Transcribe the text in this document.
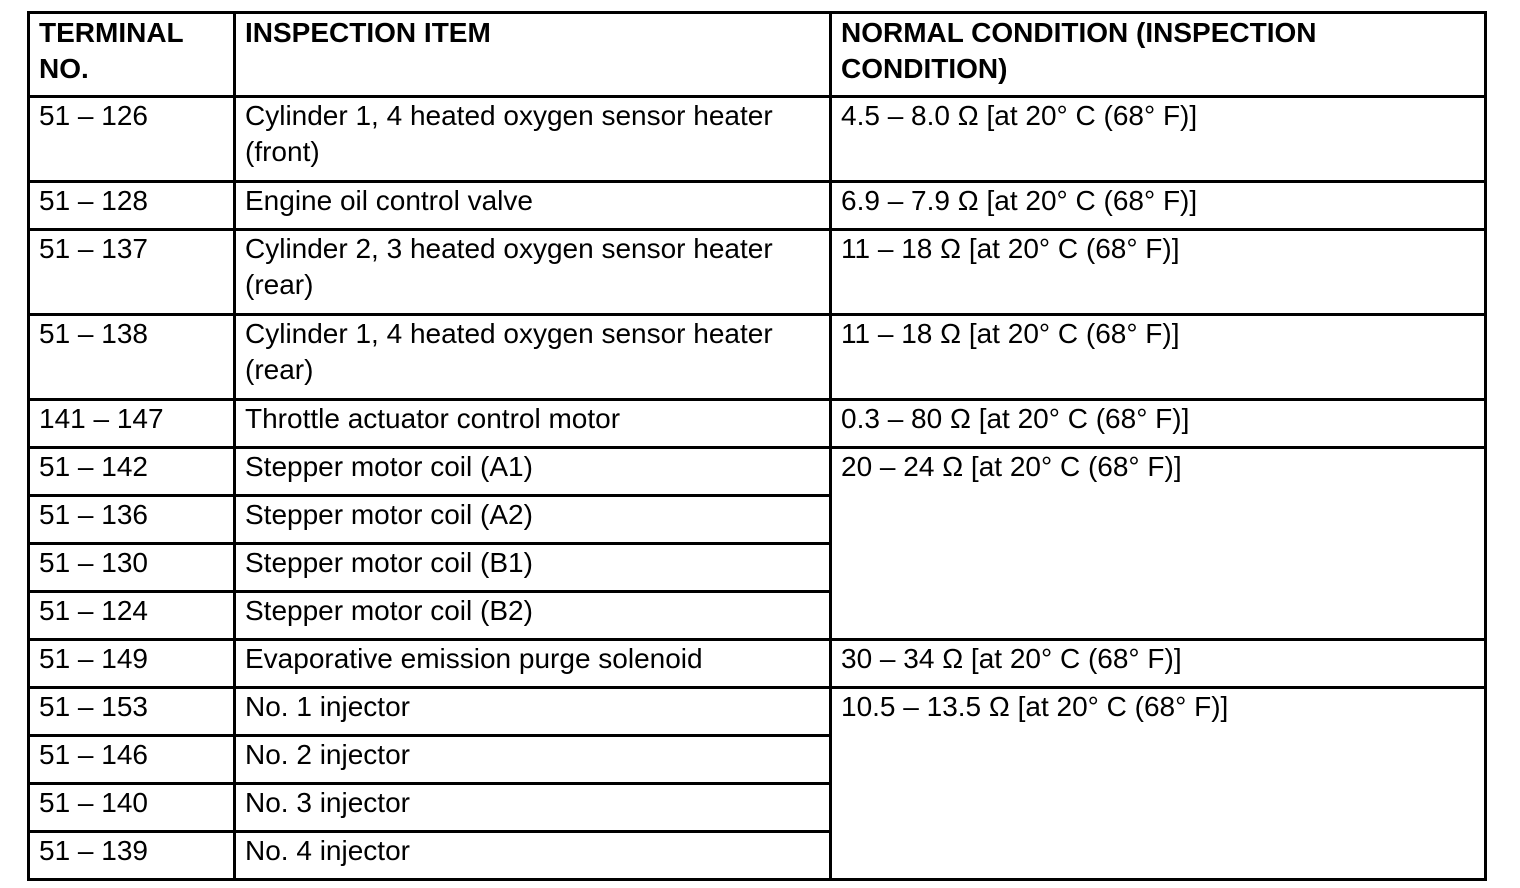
TERMINAL NO.	INSPECTION ITEM	NORMAL CONDITION (INSPECTION CONDITION)
51 – 126	Cylinder 1, 4 heated oxygen sensor heater (front)	4.5 – 8.0 Ω [at 20° C (68° F)]
51 – 128	Engine oil control valve	6.9 – 7.9 Ω [at 20° C (68° F)]
51 – 137	Cylinder 2, 3 heated oxygen sensor heater (rear)	11 – 18 Ω [at 20° C (68° F)]
51 – 138	Cylinder 1, 4 heated oxygen sensor heater (rear)	11 – 18 Ω [at 20° C (68° F)]
141 – 147	Throttle actuator control motor	0.3 – 80 Ω [at 20° C (68° F)]
51 – 142	Stepper motor coil (A1)	20 – 24 Ω [at 20° C (68° F)]
51 – 136	Stepper motor coil (A2)	
51 – 130	Stepper motor coil (B1)	
51 – 124	Stepper motor coil (B2)	
51 – 149	Evaporative emission purge solenoid	30 – 34 Ω [at 20° C (68° F)]
51 – 153	No. 1 injector	10.5 – 13.5 Ω [at 20° C (68° F)]
51 – 146	No. 2 injector	
51 – 140	No. 3 injector	
51 – 139	No. 4 injector	
